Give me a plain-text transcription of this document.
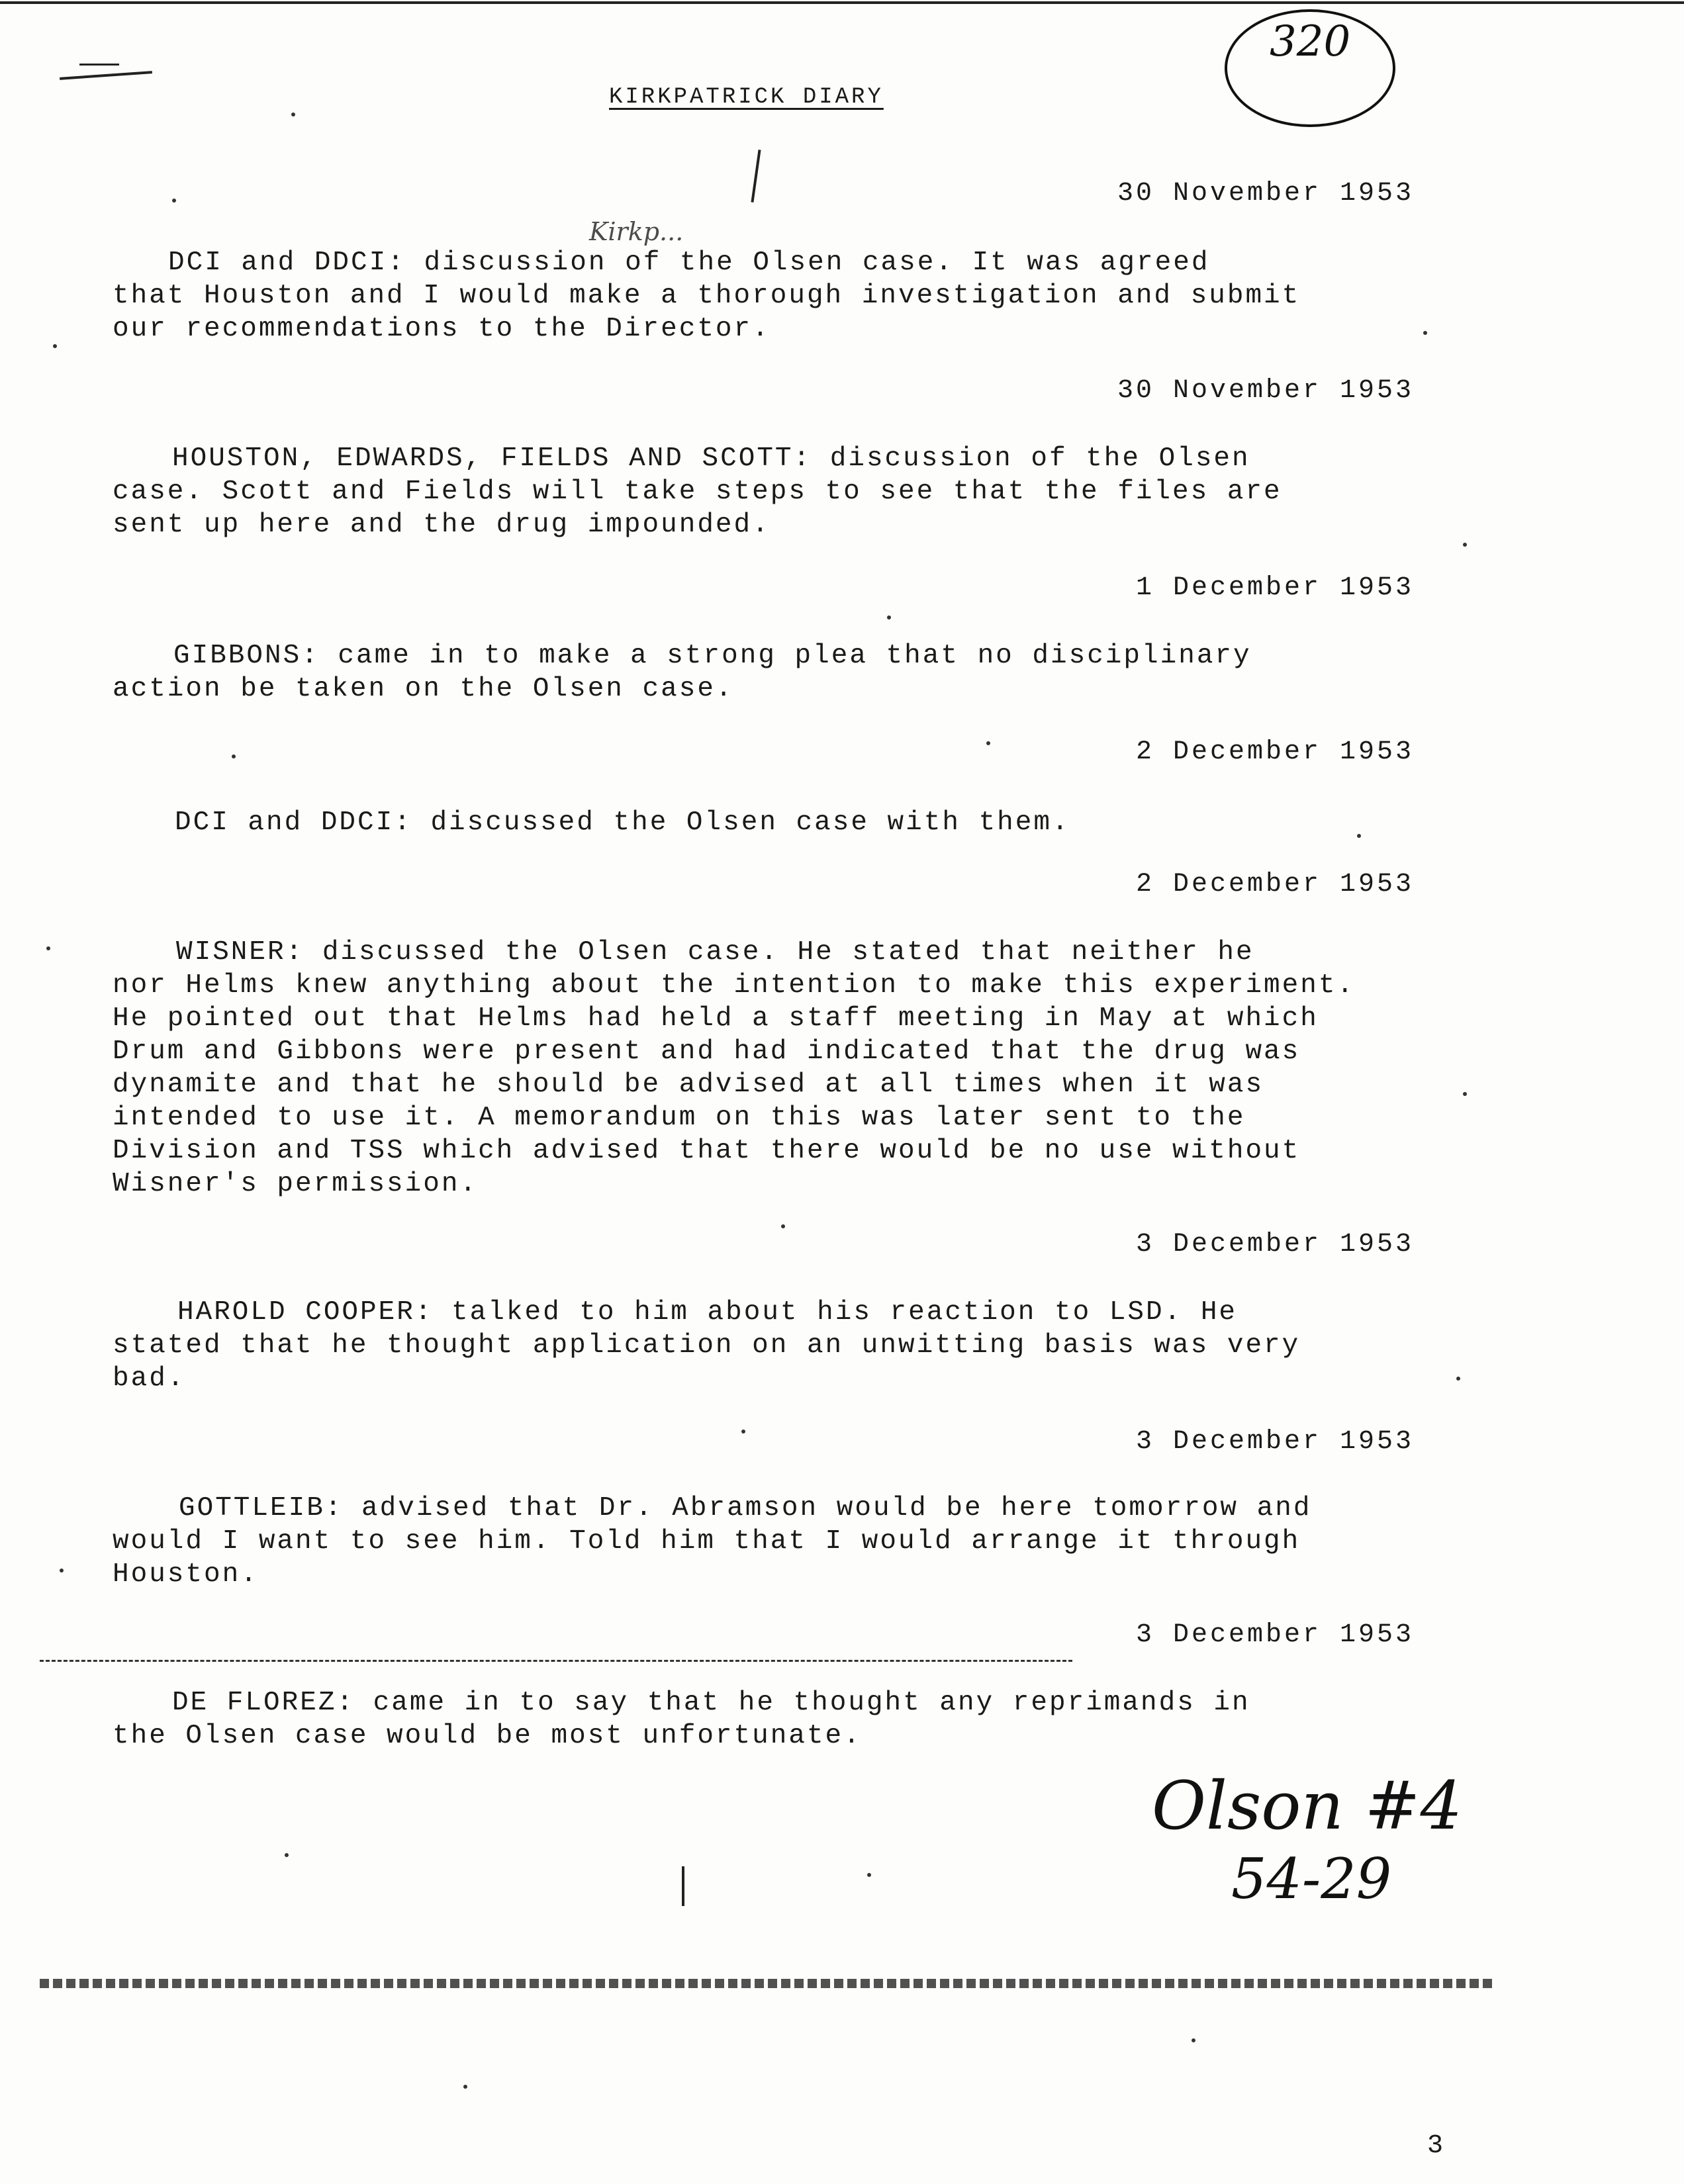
320
KIRKPATRICK DIARY
Kirkp...
30 November 1953

DCI and DDCI: discussion of the Olsen case. It was agreed
that Houston and I would make a thorough investigation and submit
our recommendations to the Director.

30 November 1953

HOUSTON, EDWARDS, FIELDS AND SCOTT: discussion of the Olsen
case. Scott and Fields will take steps to see that the files are
sent up here and the drug impounded.

1 December 1953

GIBBONS: came in to make a strong plea that no disciplinary
action be taken on the Olsen case.

2 December 1953

DCI and DDCI: discussed the Olsen case with them.

2 December 1953

WISNER: discussed the Olsen case. He stated that neither he
nor Helms knew anything about the intention to make this experiment.
He pointed out that Helms had held a staff meeting in May at which
Drum and Gibbons were present and had indicated that the drug was
dynamite and that he should be advised at all times when it was
intended to use it. A memorandum on this was later sent to the
Division and TSS which advised that there would be no use without
Wisner's permission.

3 December 1953

HAROLD COOPER: talked to him about his reaction to LSD. He
stated that he thought application on an unwitting basis was very
bad.

3 December 1953

GOTTLEIB: advised that Dr. Abramson would be here tomorrow and
would I want to see him. Told him that I would arrange it through
Houston.

3 December 1953

DE FLOREZ: came in to say that he thought any reprimands in
the Olsen case would be most unfortunate.

Olson #4
54-29
3
